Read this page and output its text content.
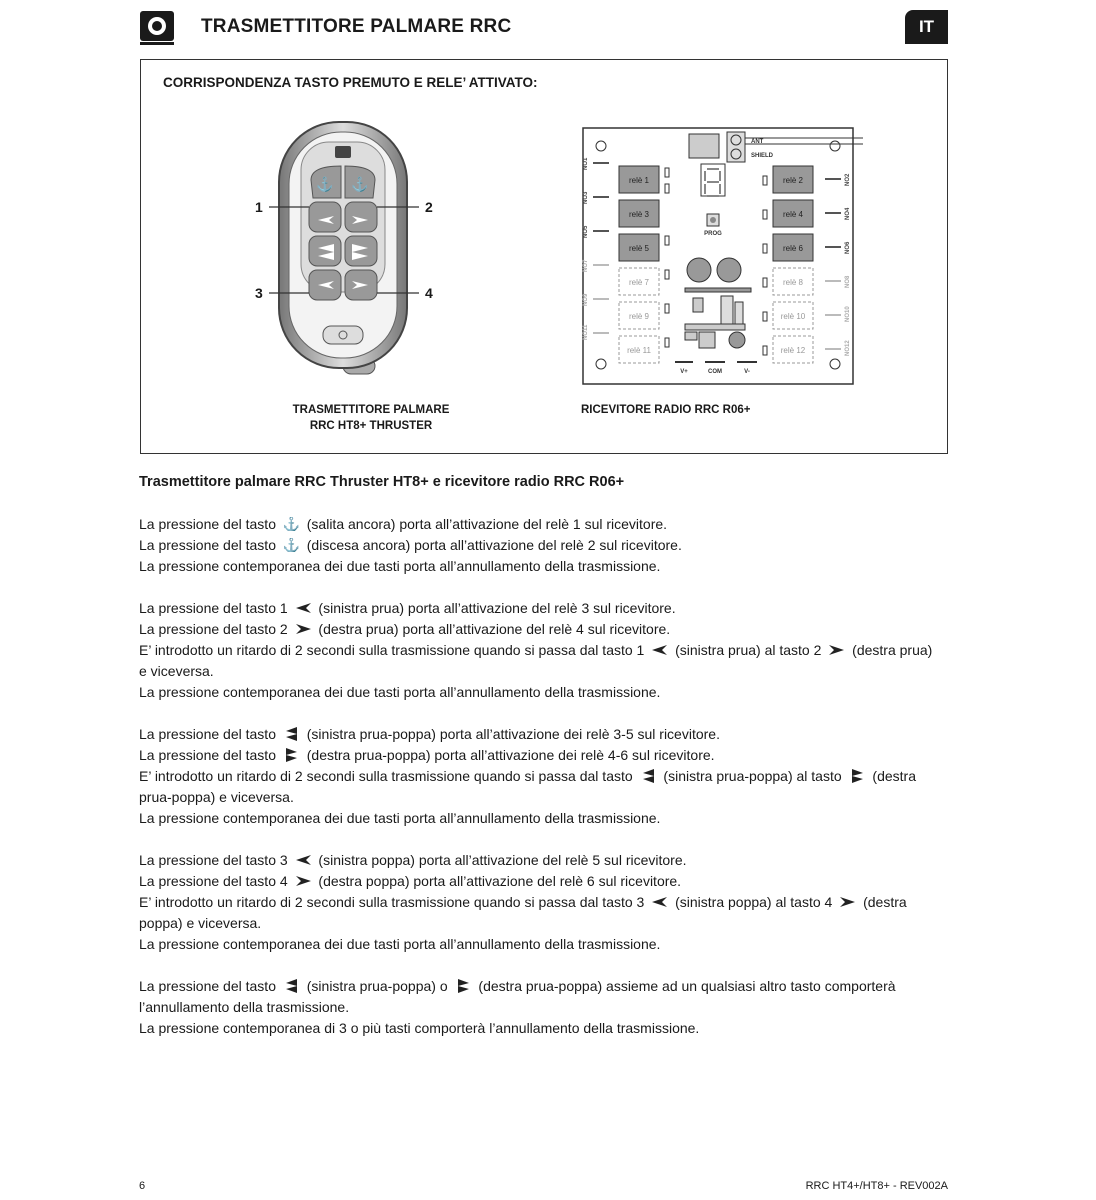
TRASMETTITORE PALMARE RRC	IT
CORRISPONDENZA TASTO PREMUTO E RELE’ ATTIVATO:
⚓ ⚓
1	2
3	4
TRASMETTITORE PALMARE
RRC HT8+ THRUSTER
ANT
SHIELD
relè 1	relè 2
relè 3	relè 4
relè 5	relè 6
relè 7	relè 8
relè 9	relè 10
relè 11	relè 12
NO1
NO3
NO5
NO7
NO9
NO11
NO2
NO4
NO6
NO8
NO10
NO12
PROG
V+	COM	V-
RICEVITORE RADIO RRC R06+
Trasmettitore palmare RRC Thruster HT8+ e ricevitore radio RRC R06+
La pressione del tasto ⚓ (salita ancora) porta all’attivazione del relè 1 sul ricevitore.
La pressione del tasto ⚓ (discesa ancora) porta all’attivazione del relè 2 sul ricevitore.
La pressione contemporanea dei due tasti porta all’annullamento della trasmissione.
La pressione del tasto 1  (sinistra prua) porta all’attivazione del relè 3 sul ricevitore.
La pressione del tasto 2  (destra prua) porta all’attivazione del relè 4 sul ricevitore.
E’ introdotto un ritardo di 2 secondi sulla trasmissione quando si passa dal tasto 1  (sinistra prua) al tasto 2  (destra prua)
e viceversa.
La pressione contemporanea dei due tasti porta all’annullamento della trasmissione.
La pressione del tasto  (sinistra prua-poppa) porta all’attivazione dei relè 3-5 sul ricevitore.
La pressione del tasto  (destra prua-poppa) porta all’attivazione dei relè 4-6 sul ricevitore.
E’ introdotto un ritardo di 2 secondi sulla trasmissione quando si passa dal tasto  (sinistra prua-poppa) al tasto  (destra
prua-poppa) e viceversa.
La pressione contemporanea dei due tasti porta all’annullamento della trasmissione.
La pressione del tasto 3  (sinistra poppa) porta all’attivazione del relè 5 sul ricevitore.
La pressione del tasto 4  (destra poppa) porta all’attivazione del relè 6 sul ricevitore.
E’ introdotto un ritardo di 2 secondi sulla trasmissione quando si passa dal tasto 3  (sinistra poppa) al tasto 4  (destra
poppa) e viceversa.
La pressione contemporanea dei due tasti porta all’annullamento della trasmissione.
La pressione del tasto  (sinistra prua-poppa) o  (destra prua-poppa) assieme ad un qualsiasi altro tasto comporterà
l’annullamento della trasmissione.
La pressione contemporanea di 3 o più tasti comporterà l’annullamento della trasmissione.
6	RRC HT4+/HT8+ - REV002A
